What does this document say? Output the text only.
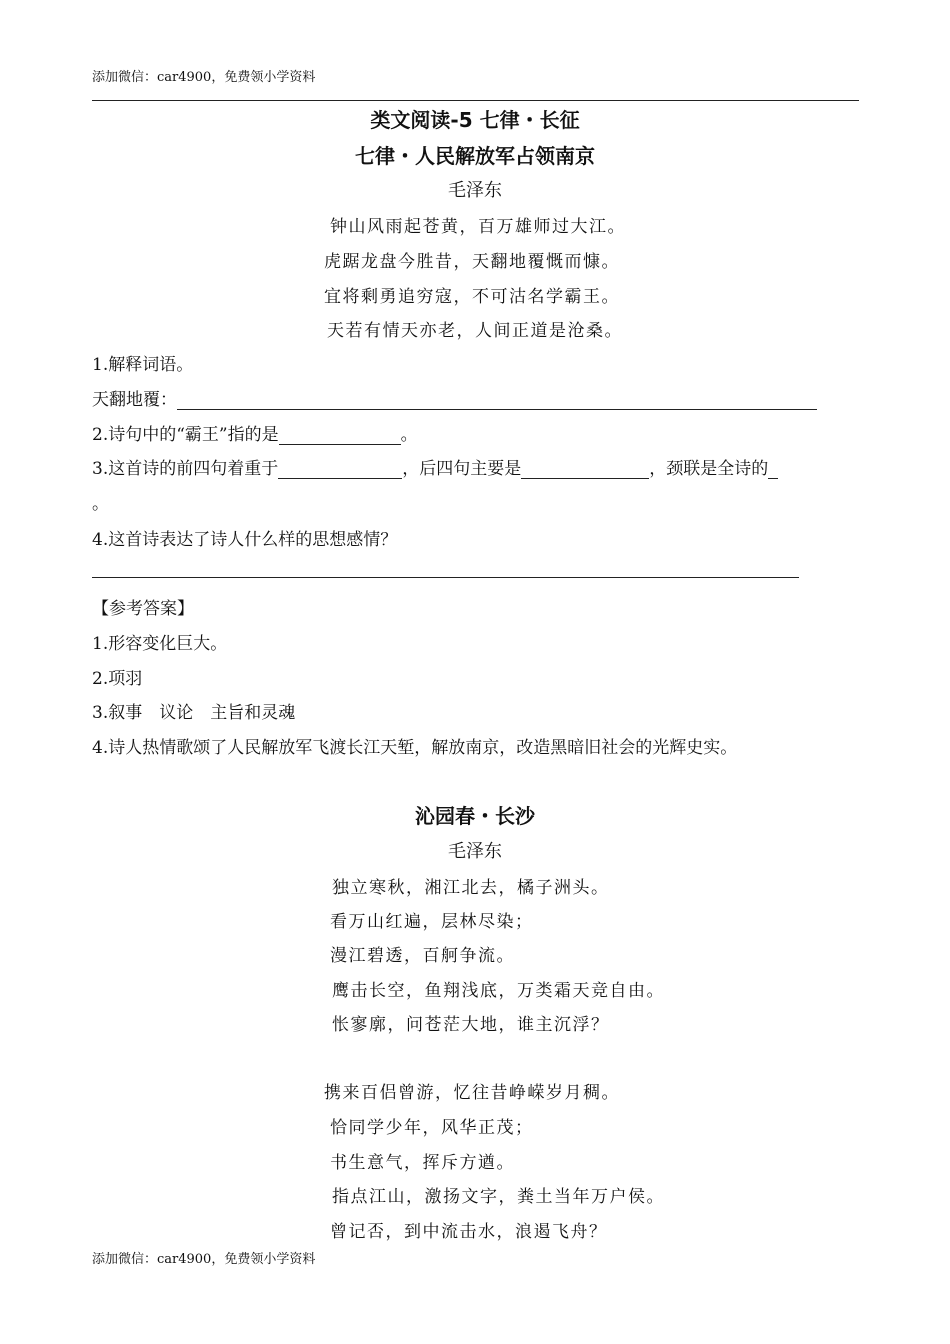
添加微信：car4900，免费领小学资料
类文阅读-5 七律・长征
七律・人民解放军占领南京
毛泽东
钟山风雨起苍黄，百万雄师过大江。
虎踞龙盘今胜昔，天翻地覆慨而慷。
宜将剩勇追穷寇，不可沽名学霸王。
天若有情天亦老，人间正道是沧桑。
1.解释词语。
天翻地覆：
2.诗句中的“霸王”指的是	。
3.这首诗的前四句着重于	，后四句主要是	，颈联是全诗的
。
4.这首诗表达了诗人什么样的思想感情？
【参考答案】
1.形容变化巨大。
2.项羽
3.叙事　议论　主旨和灵魂
4.诗人热情歌颂了人民解放军飞渡长江天堑，解放南京，改造黑暗旧社会的光辉史实。
沁园春・长沙
毛泽东
独立寒秋，湘江北去，橘子洲头。
看万山红遍，层林尽染；
漫江碧透，百舸争流。
鹰击长空，鱼翔浅底，万类霜天竞自由。
怅寥廓，问苍茫大地，谁主沉浮？
携来百侣曾游，忆往昔峥嵘岁月稠。
恰同学少年，风华正茂；
书生意气，挥斥方遒。
指点江山，激扬文字，粪土当年万户侯。
曾记否，到中流击水，浪遏飞舟？
添加微信：car4900，免费领小学资料
